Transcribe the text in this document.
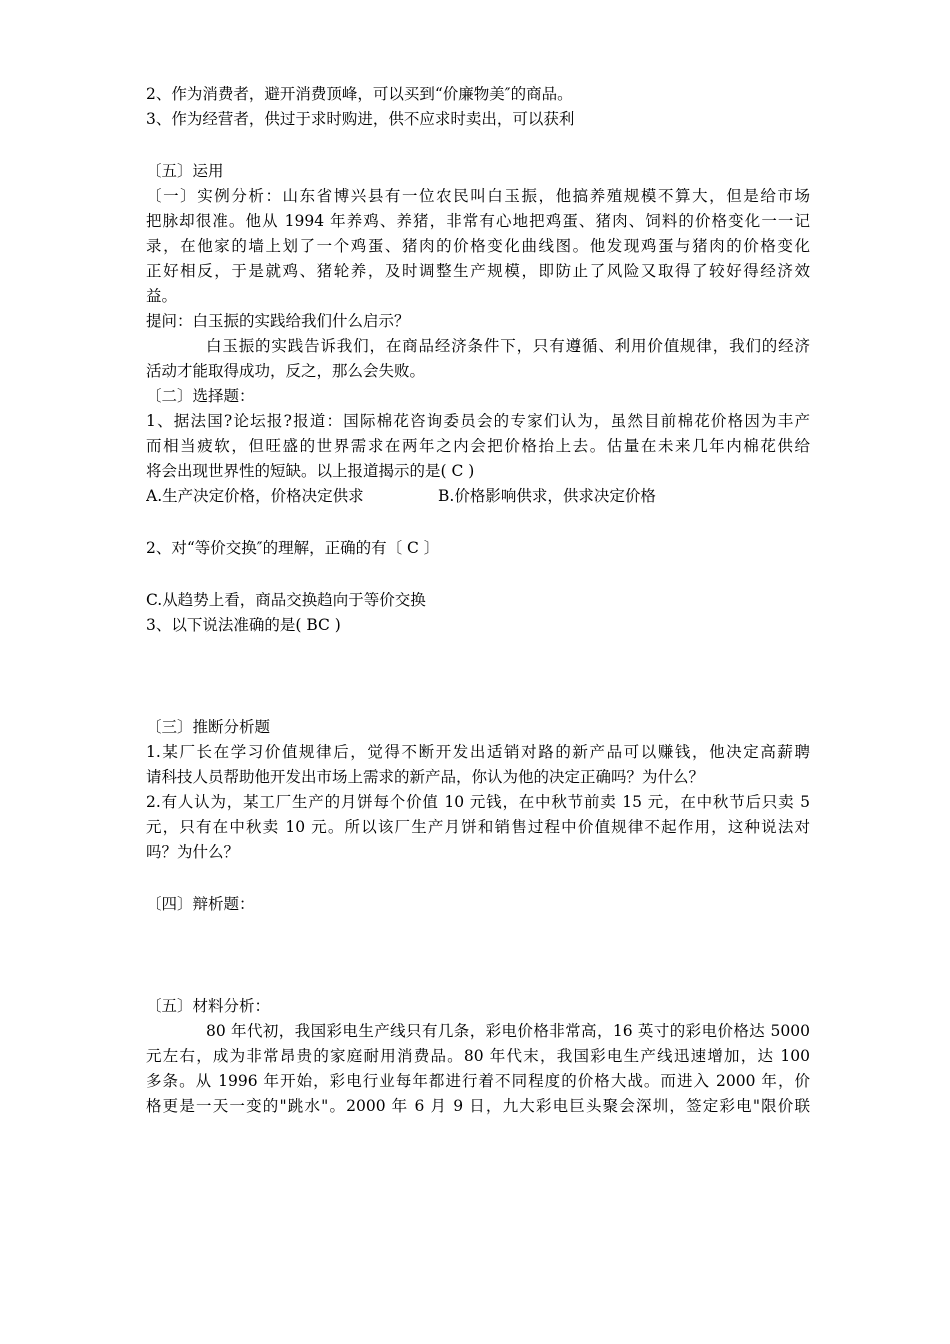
2、作为消费者，避开消费顶峰，可以买到“价廉物美″的商品。
3、作为经营者，供过于求时购进，供不应求时卖出，可以获利
〔五〕运用
〔一〕实例分析：山东省博兴县有一位农民叫白玉振，他搞养殖规模不算大，但是给市场
把脉却很准。他从 1994 年养鸡、养猪，非常有心地把鸡蛋、猪肉、饲料的价格变化一一记
录，在他家的墙上划了一个鸡蛋、猪肉的价格变化曲线图。他发现鸡蛋与猪肉的价格变化
正好相反，于是就鸡、猪轮养，及时调整生产规模，即防止了风险又取得了较好得经济效
益。
提问：白玉振的实践给我们什么启示？
白玉振的实践告诉我们，在商品经济条件下，只有遵循、利用价值规律，我们的经济
活动才能取得成功，反之，那么会失败。
〔二〕选择题：
1、据法国?论坛报?报道：国际棉花咨询委员会的专家们认为，虽然目前棉花价格因为丰产
而相当疲软，但旺盛的世界需求在两年之内会把价格抬上去。估量在未来几年内棉花供给
将会出现世界性的短缺。以上报道揭示的是( C )
A.生产决定价格，价格决定供求	B.价格影响供求，供求决定价格
2、对“等价交换″的理解，正确的有〔 C 〕
C.从趋势上看，商品交换趋向于等价交换
3、以下说法准确的是( BC )
〔三〕推断分析题
1.某厂长在学习价值规律后，觉得不断开发出适销对路的新产品可以赚钱，他决定高薪聘
请科技人员帮助他开发出市场上需求的新产品，你认为他的决定正确吗？为什么？
2.有人认为，某工厂生产的月饼每个价值 10 元钱，在中秋节前卖 15 元，在中秋节后只卖 5
元，只有在中秋卖 10 元。所以该厂生产月饼和销售过程中价值规律不起作用，这种说法对
吗？为什么？
〔四〕辩析题：
〔五〕材料分析：
80 年代初，我国彩电生产线只有几条，彩电价格非常高，16 英寸的彩电价格达 5000
元左右，成为非常昂贵的家庭耐用消费品。80 年代末，我国彩电生产线迅速增加，达 100
多条。从 1996 年开始，彩电行业每年都进行着不同程度的价格大战。而进入 2000 年，价
格更是一天一变的"跳水"。2000 年 6 月 9 日，九大彩电巨头聚会深圳，签定彩电"限价联
